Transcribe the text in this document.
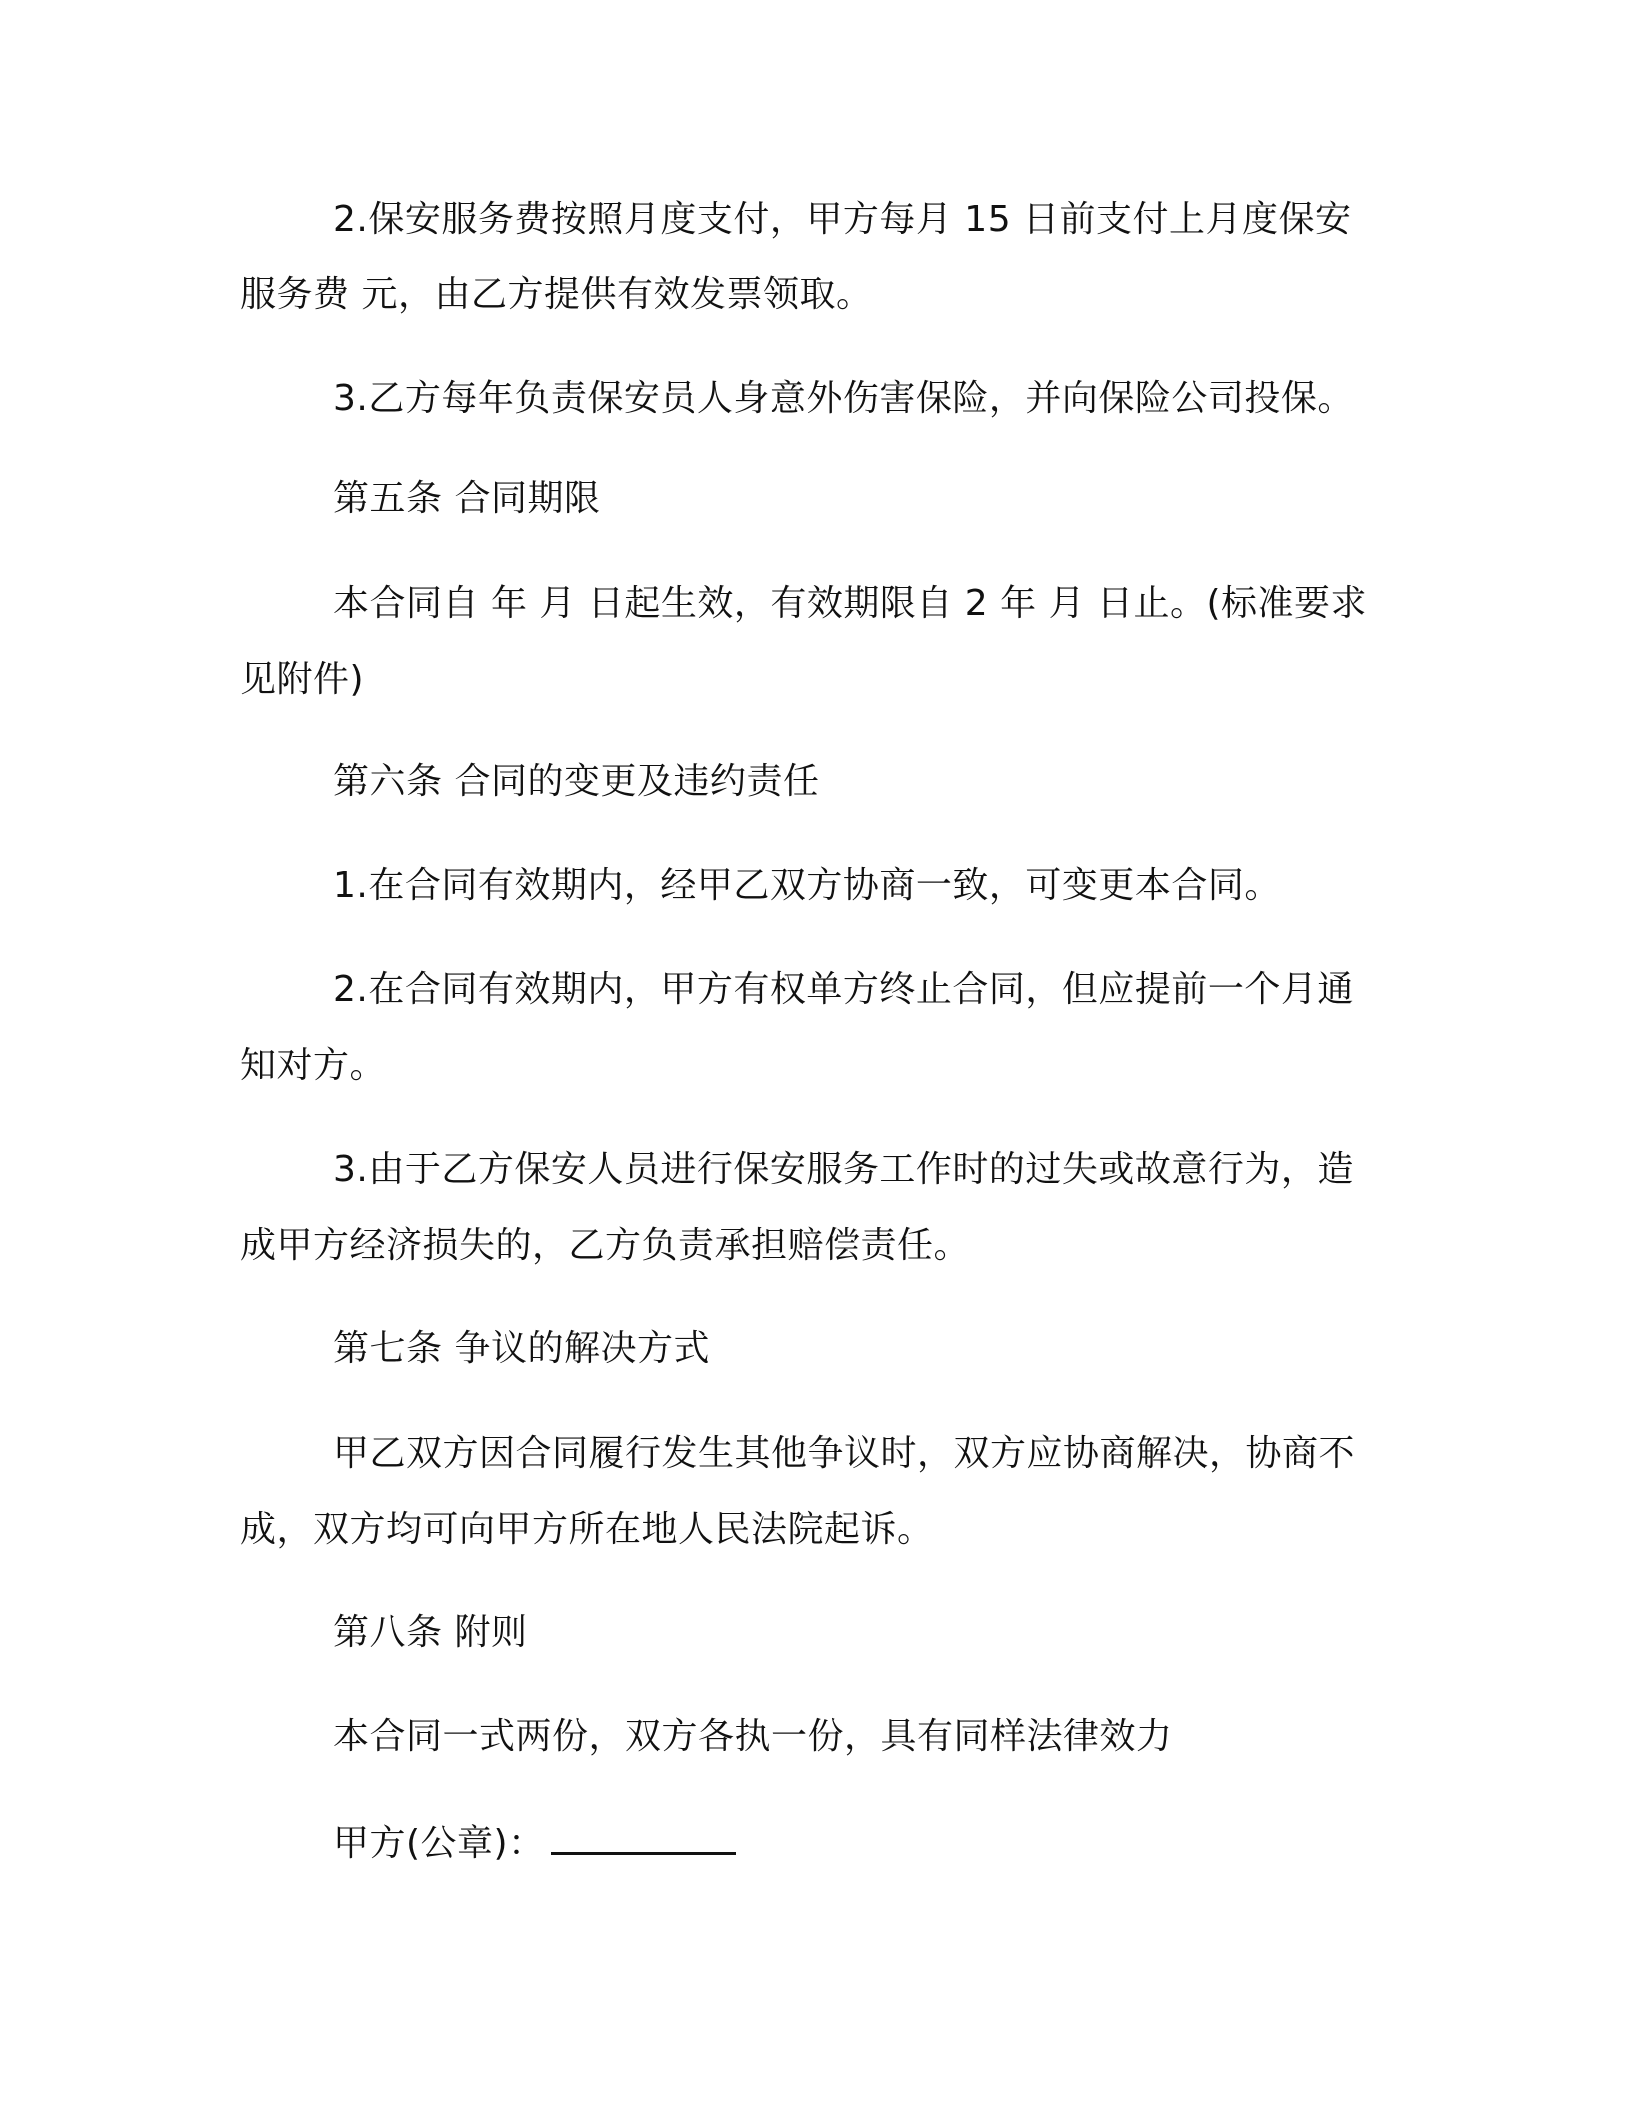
2.保安服务费按照月度支付，甲方每月 15 日前支付上月度保安

服务费 元，由乙方提供有效发票领取。

3.乙方每年负责保安员人身意外伤害保险，并向保险公司投保。

第五条 合同期限

本合同自 年 月 日起生效，有效期限自 2 年 月 日止。(标准要求

见附件)

第六条 合同的变更及违约责任

1.在合同有效期内，经甲乙双方协商一致，可变更本合同。

2.在合同有效期内，甲方有权单方终止合同，但应提前一个月通

知对方。

3.由于乙方保安人员进行保安服务工作时的过失或故意行为，造

成甲方经济损失的，乙方负责承担赔偿责任。

第七条 争议的解决方式

甲乙双方因合同履行发生其他争议时，双方应协商解决，协商不

成，双方均可向甲方所在地人民法院起诉。

第八条 附则

本合同一式两份，双方各执一份，具有同样法律效力

甲方(公章)：
